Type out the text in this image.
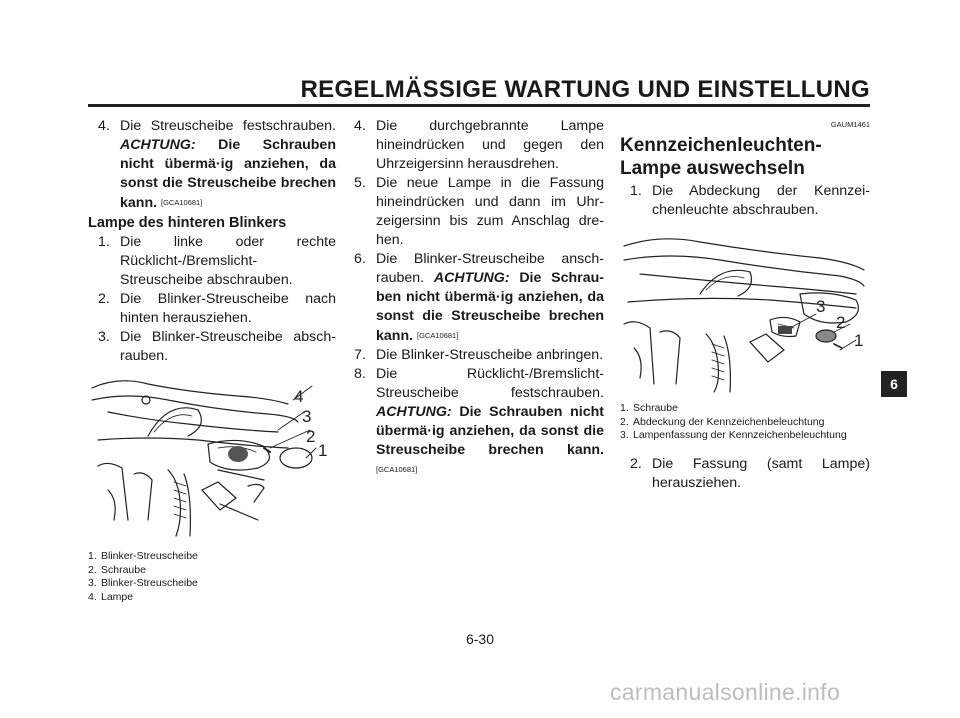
REGELMÄSSIGE WARTUNG UND EINSTELLUNG
4. Die Streuscheibe festschrauben. ACHTUNG: Die Schrauben nicht übermä·ig anziehen, da sonst die Streuscheibe brechen kann. [GCA10681]
Lampe des hinteren Blinkers
1. Die linke oder rechte Rücklicht-/Bremslicht-Streuscheibe abschrauben.
2. Die Blinker-Streuscheibe nach hinten herausziehen.
3. Die Blinker-Streuscheibe abschrauben.
4
3
2
1
1. Blinker-Streuscheibe
2. Schraube
3. Blinker-Streuscheibe
4. Lampe
4. Die durchgebrannte Lampe hineindrücken und gegen den Uhrzeigersinn herausdrehen.
5. Die neue Lampe in die Fassung hineindrücken und dann im Uhrzeigersinn bis zum Anschlag drehen.
6. Die Blinker-Streuscheibe anschrauben. ACHTUNG: Die Schrauben nicht übermä·ig anziehen, da sonst die Streuscheibe brechen kann. [GCA10681]
7. Die Blinker-Streuscheibe anbringen.
8. Die Rücklicht-/Bremslicht-Streuscheibe festschrauben. ACHTUNG: Die Schrauben nicht übermä·ig anziehen, da sonst die Streuscheibe brechen kann. [GCA10681]
GAUM1461
Kennzeichenleuchten-Lampe auswechseln
1. Die Abdeckung der Kennzeichenleuchte abschrauben.
3
2
1
1. Schraube
2. Abdeckung der Kennzeichenbeleuchtung
3. Lampenfassung der Kennzeichenbeleuchtung
2. Die Fassung (samt Lampe) herausziehen.
6
6-30
carmanualsonline.info
